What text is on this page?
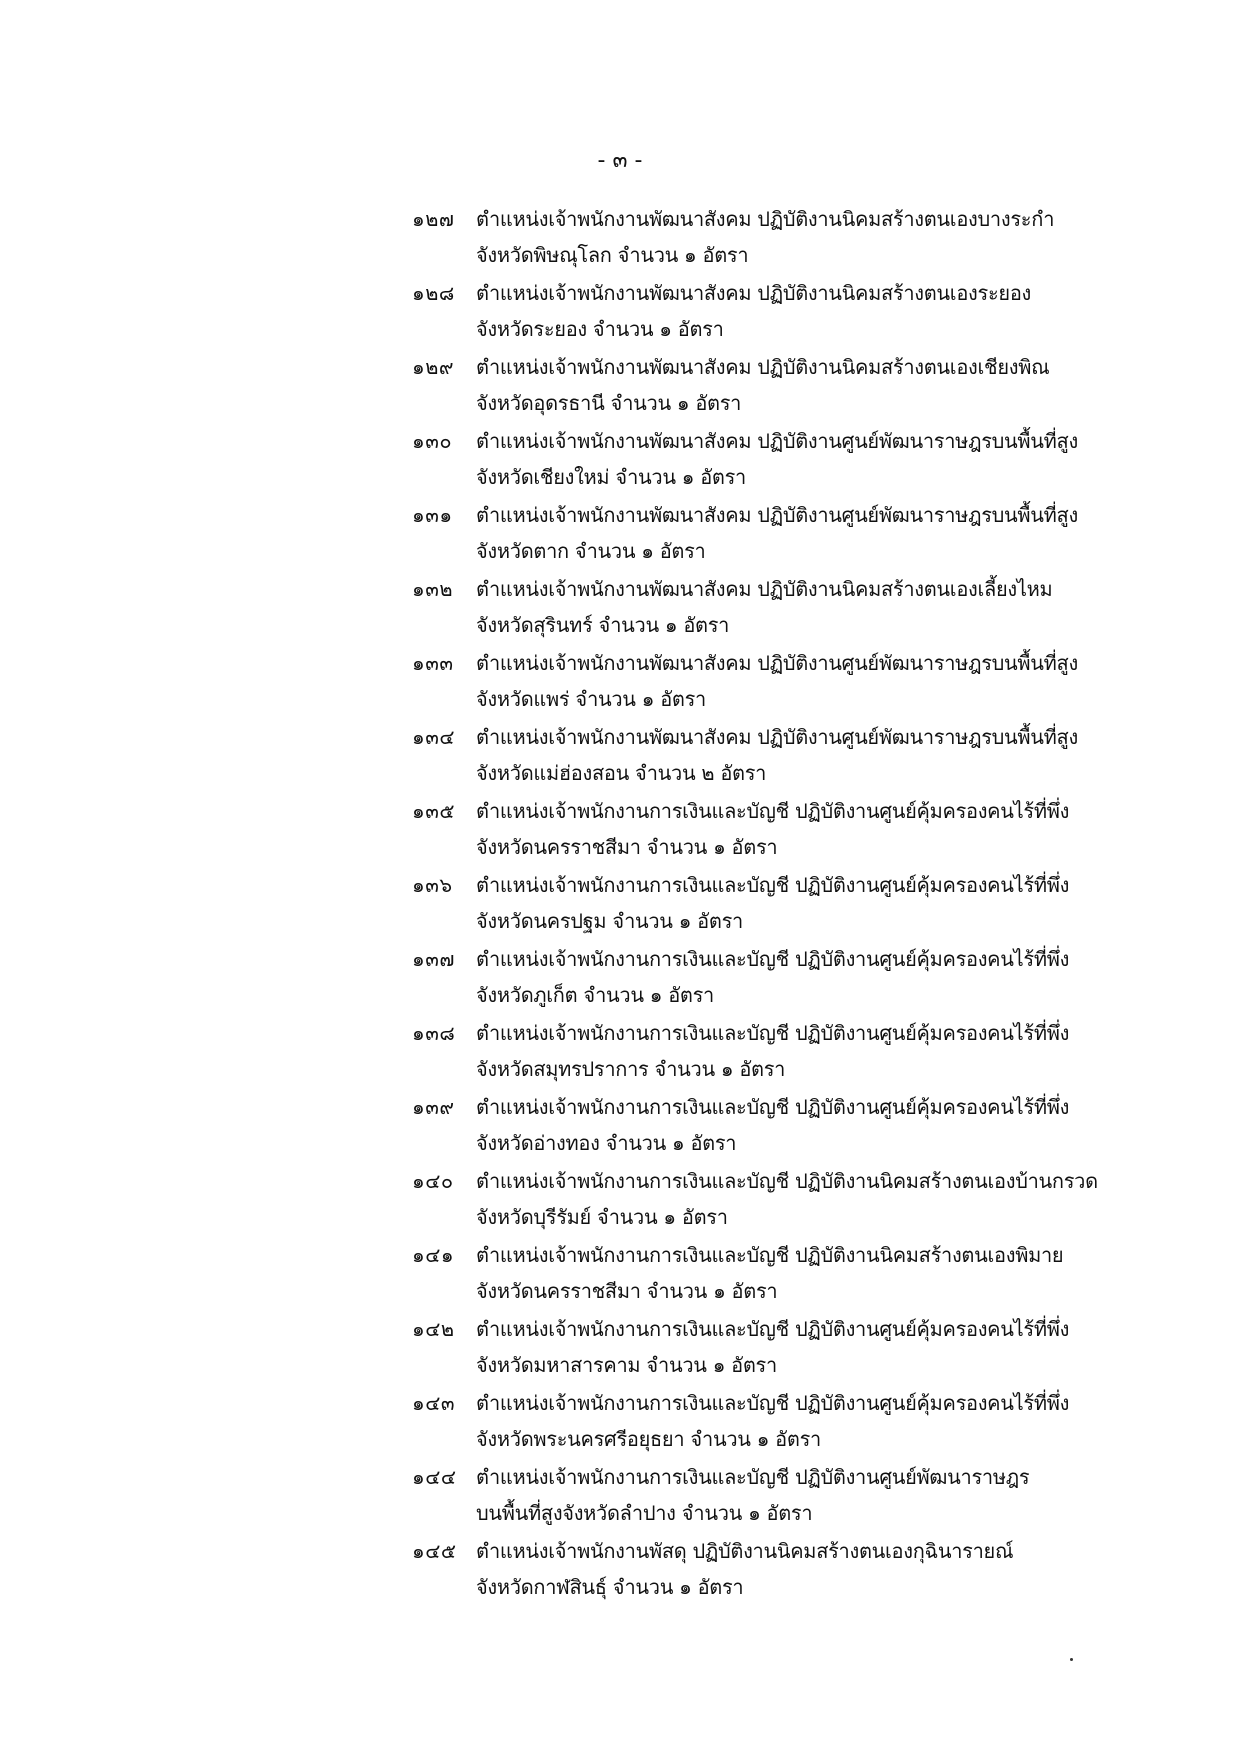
- ๓ -
๑๒๗	ตำแหน่งเจ้าพนักงานพัฒนาสังคม ปฏิบัติงานนิคมสร้างตนเองบางระกำ
จังหวัดพิษณุโลก จำนวน ๑ อัตรา
๑๒๘	ตำแหน่งเจ้าพนักงานพัฒนาสังคม ปฏิบัติงานนิคมสร้างตนเองระยอง
จังหวัดระยอง จำนวน ๑ อัตรา
๑๒๙	ตำแหน่งเจ้าพนักงานพัฒนาสังคม ปฏิบัติงานนิคมสร้างตนเองเชียงพิณ
จังหวัดอุดรธานี จำนวน ๑ อัตรา
๑๓๐	ตำแหน่งเจ้าพนักงานพัฒนาสังคม ปฏิบัติงานศูนย์พัฒนาราษฎรบนพื้นที่สูง
จังหวัดเชียงใหม่ จำนวน ๑ อัตรา
๑๓๑	ตำแหน่งเจ้าพนักงานพัฒนาสังคม ปฏิบัติงานศูนย์พัฒนาราษฎรบนพื้นที่สูง
จังหวัดตาก จำนวน ๑ อัตรา
๑๓๒	ตำแหน่งเจ้าพนักงานพัฒนาสังคม ปฏิบัติงานนิคมสร้างตนเองเลี้ยงไหม
จังหวัดสุรินทร์ จำนวน ๑ อัตรา
๑๓๓	ตำแหน่งเจ้าพนักงานพัฒนาสังคม ปฏิบัติงานศูนย์พัฒนาราษฎรบนพื้นที่สูง
จังหวัดแพร่ จำนวน ๑ อัตรา
๑๓๔	ตำแหน่งเจ้าพนักงานพัฒนาสังคม ปฏิบัติงานศูนย์พัฒนาราษฎรบนพื้นที่สูง
จังหวัดแม่ฮ่องสอน จำนวน ๒ อัตรา
๑๓๕	ตำแหน่งเจ้าพนักงานการเงินและบัญชี ปฏิบัติงานศูนย์คุ้มครองคนไร้ที่พึ่ง
จังหวัดนครราชสีมา จำนวน ๑ อัตรา
๑๓๖	ตำแหน่งเจ้าพนักงานการเงินและบัญชี ปฏิบัติงานศูนย์คุ้มครองคนไร้ที่พึ่ง
จังหวัดนครปฐม จำนวน ๑ อัตรา
๑๓๗	ตำแหน่งเจ้าพนักงานการเงินและบัญชี ปฏิบัติงานศูนย์คุ้มครองคนไร้ที่พึ่ง
จังหวัดภูเก็ต จำนวน ๑ อัตรา
๑๓๘	ตำแหน่งเจ้าพนักงานการเงินและบัญชี ปฏิบัติงานศูนย์คุ้มครองคนไร้ที่พึ่ง
จังหวัดสมุทรปราการ จำนวน ๑ อัตรา
๑๓๙	ตำแหน่งเจ้าพนักงานการเงินและบัญชี ปฏิบัติงานศูนย์คุ้มครองคนไร้ที่พึ่ง
จังหวัดอ่างทอง จำนวน ๑ อัตรา
๑๔๐	ตำแหน่งเจ้าพนักงานการเงินและบัญชี ปฏิบัติงานนิคมสร้างตนเองบ้านกรวด
จังหวัดบุรีรัมย์ จำนวน ๑ อัตรา
๑๔๑	ตำแหน่งเจ้าพนักงานการเงินและบัญชี ปฏิบัติงานนิคมสร้างตนเองพิมาย
จังหวัดนครราชสีมา จำนวน ๑ อัตรา
๑๔๒	ตำแหน่งเจ้าพนักงานการเงินและบัญชี ปฏิบัติงานศูนย์คุ้มครองคนไร้ที่พึ่ง
จังหวัดมหาสารคาม จำนวน ๑ อัตรา
๑๔๓	ตำแหน่งเจ้าพนักงานการเงินและบัญชี ปฏิบัติงานศูนย์คุ้มครองคนไร้ที่พึ่ง
จังหวัดพระนครศรีอยุธยา จำนวน ๑ อัตรา
๑๔๔ ตำแหน่งเจ้าพนักงานการเงินและบัญชี ปฏิบัติงานศูนย์พัฒนาราษฎร
บนพื้นที่สูงจังหวัดลำปาง จำนวน ๑ อัตรา
๑๔๕ ตำแหน่งเจ้าพนักงานพัสดุ ปฏิบัติงานนิคมสร้างตนเองกุฉินารายณ์
จังหวัดกาฬสินธุ์ จำนวน ๑ อัตรา
